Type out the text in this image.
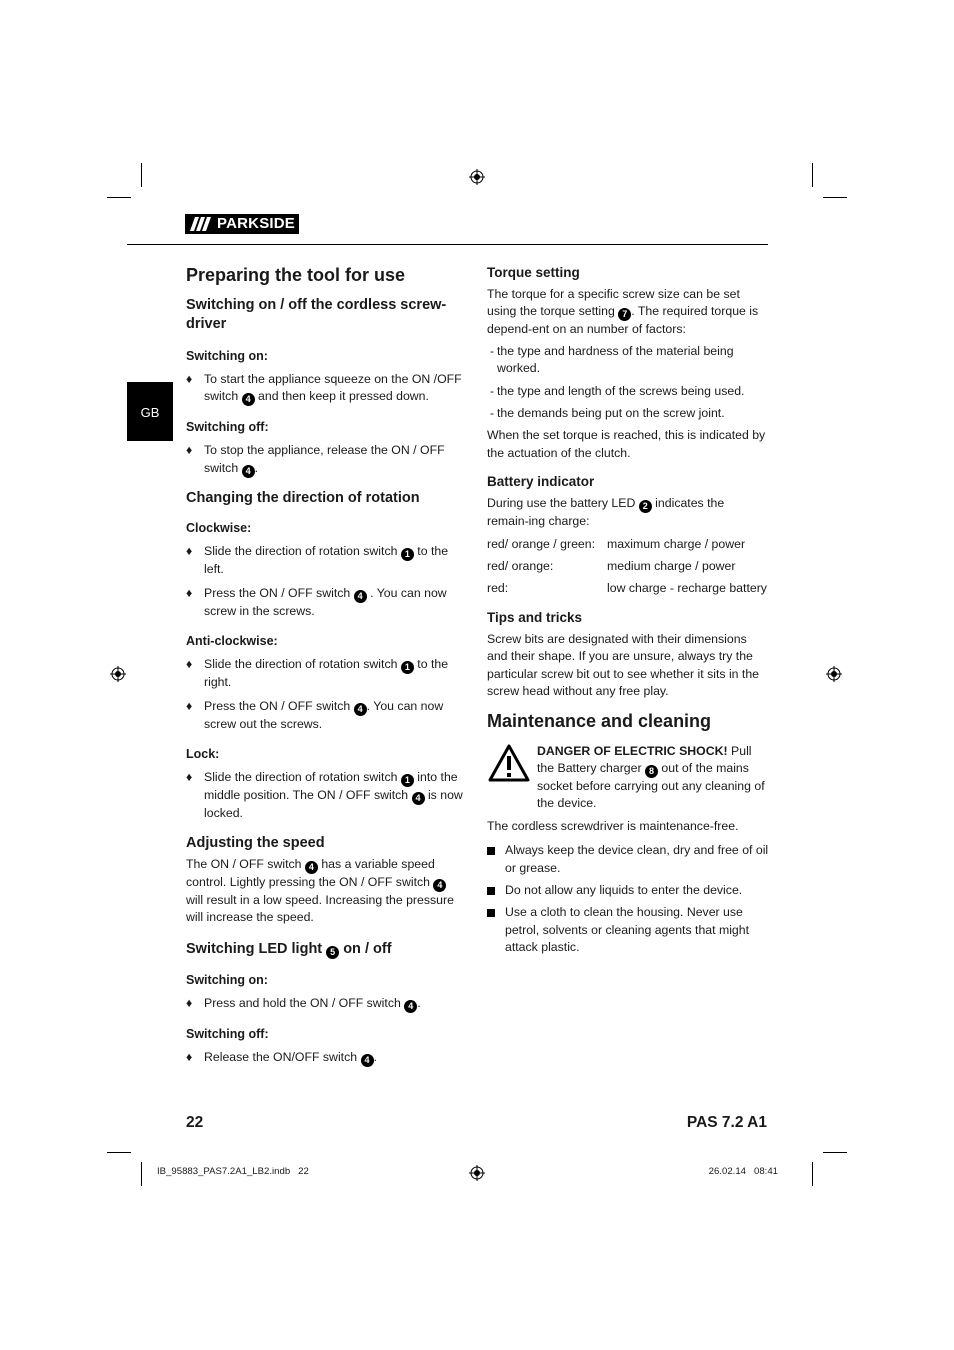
PARKSIDE
GB

Preparing the tool for use

Switching on / off the cordless screw-driver

Switching on:

♦ To start the appliance squeeze on the ON /OFF switch 4 and then keep it pressed down.

Switching off:

♦ To stop the appliance, release the ON / OFF switch 4 .

Changing the direction of rotation

Clockwise:

♦ Slide the direction of rotation switch 1 to the left.
♦ Press the ON / OFF switch 4 . You can now screw in the screws.

Anti-clockwise:

♦ Slide the direction of rotation switch 1 to the right.
♦ Press the ON / OFF switch 4 . You can now screw out the screws.

Lock:

♦ Slide the direction of rotation switch 1 into the middle position. The ON / OFF switch 4 is now locked.

Adjusting the speed

The ON / OFF switch 4 has a variable speed control. Lightly pressing the ON / OFF switch 4 will result in a low speed. Increasing the pressure will increase the speed.

Switching LED light 5 on / off

Switching on:

♦ Press and hold the ON / OFF switch 4 .

Switching off:

♦ Release the ON/OFF switch 4 .

Torque setting

The torque for a specific screw size can be set using the torque setting 7 . The required torque is depend-ent on an number of factors:

- the type and hardness of the material being worked.
- the type and length of the screws being used.
- the demands being put on the screw joint.

When the set torque is reached, this is indicated by the actuation of the clutch.

Battery indicator

During use the battery LED 2 indicates the remain-ing charge:

red/ orange / green: maximum charge / power
red/ orange:	medium charge / power
red:	low charge - recharge battery

Tips and tricks

Screw bits are designated with their dimensions and their shape. If you are unsure, always try the particular screw bit out to see whether it sits in the screw head without any free play.

Maintenance and cleaning

DANGER OF ELECTRIC SHOCK! Pull the Battery charger 8 out of the mains socket before carrying out any cleaning of the device.

The cordless screwdriver is maintenance-free.

Always keep the device clean, dry and free of oil or grease.
Do not allow any liquids to enter the device.
Use a cloth to clean the housing. Never use petrol, solvents or cleaning agents that might attack plastic.
22	PAS 7.2 A1
IB_95883_PAS7.2A1_LB2.indb   22	26.02.14   08:41
